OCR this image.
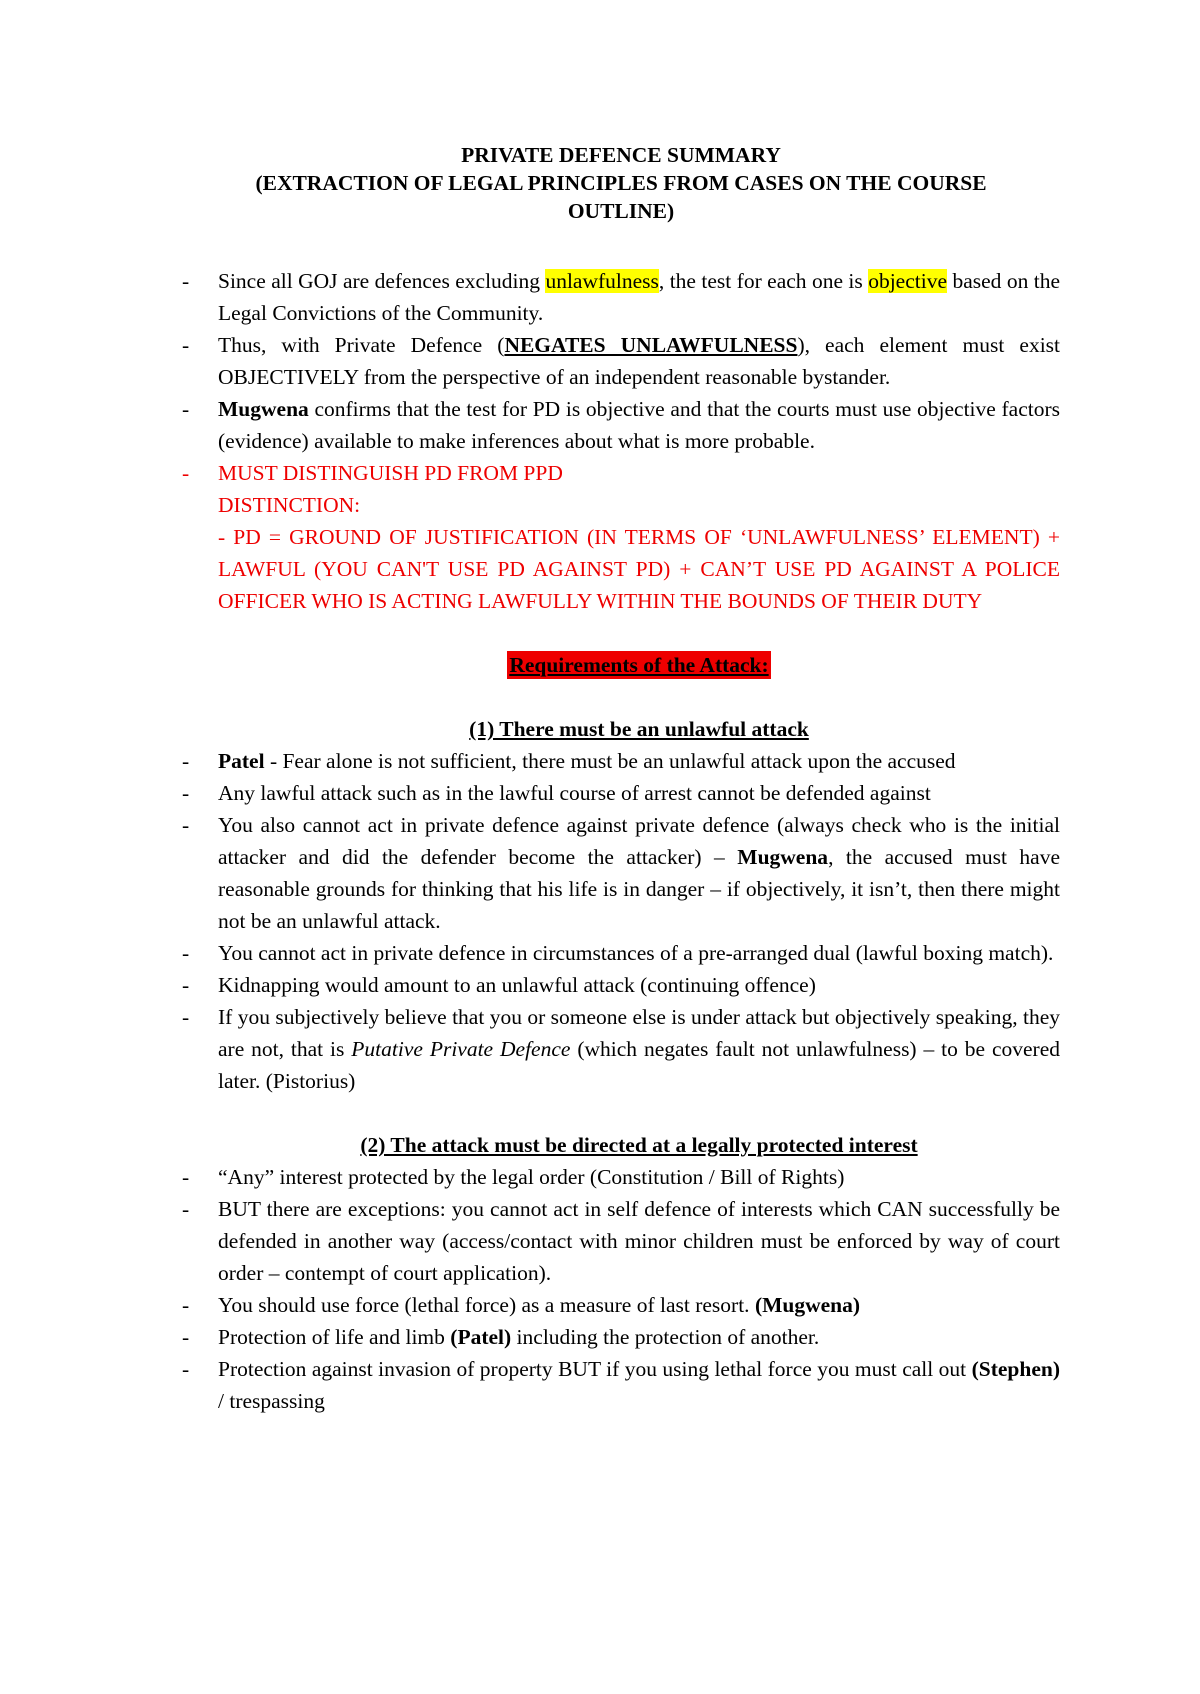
PRIVATE DEFENCE SUMMARY
(EXTRACTION OF LEGAL PRINCIPLES FROM CASES ON THE COURSE
OUTLINE)
-	Since all GOJ are defences excluding unlawfulness, the test for each one is objective based on the Legal Convictions of the Community.
-	Thus, with Private Defence (NEGATES UNLAWFULNESS), each element must exist OBJECTIVELY from the perspective of an independent reasonable bystander.
-	Mugwena confirms that the test for PD is objective and that the courts must use objective factors (evidence) available to make inferences about what is more probable.
-	MUST DISTINGUISH PD FROM PPD
DISTINCTION:
- PD = GROUND OF JUSTIFICATION (IN TERMS OF ‘UNLAWFULNESS’ ELEMENT) + LAWFUL (YOU CAN'T USE PD AGAINST PD) + CAN’T USE PD AGAINST A POLICE OFFICER WHO IS ACTING LAWFULLY WITHIN THE BOUNDS OF THEIR DUTY
Requirements of the Attack:
(1) There must be an unlawful attack
-	Patel - Fear alone is not sufficient, there must be an unlawful attack upon the accused
-	Any lawful attack such as in the lawful course of arrest cannot be defended against
-	You also cannot act in private defence against private defence (always check who is the initial attacker and did the defender become the attacker) – Mugwena, the accused must have reasonable grounds for thinking that his life is in danger – if objectively, it isn’t, then there might not be an unlawful attack.
-	You cannot act in private defence in circumstances of a pre-arranged dual (lawful boxing match).
-	Kidnapping would amount to an unlawful attack (continuing offence)
-	If you subjectively believe that you or someone else is under attack but objectively speaking, they are not, that is Putative Private Defence (which negates fault not unlawfulness) – to be covered later. (Pistorius)
(2) The attack must be directed at a legally protected interest
-	“Any” interest protected by the legal order (Constitution / Bill of Rights)
-	BUT there are exceptions: you cannot act in self defence of interests which CAN successfully be defended in another way (access/contact with minor children must be enforced by way of court order – contempt of court application).
-	You should use force (lethal force) as a measure of last resort. (Mugwena)
-	Protection of life and limb (Patel) including the protection of another.
-	Protection against invasion of property BUT if you using lethal force you must call out (Stephen) / trespassing
